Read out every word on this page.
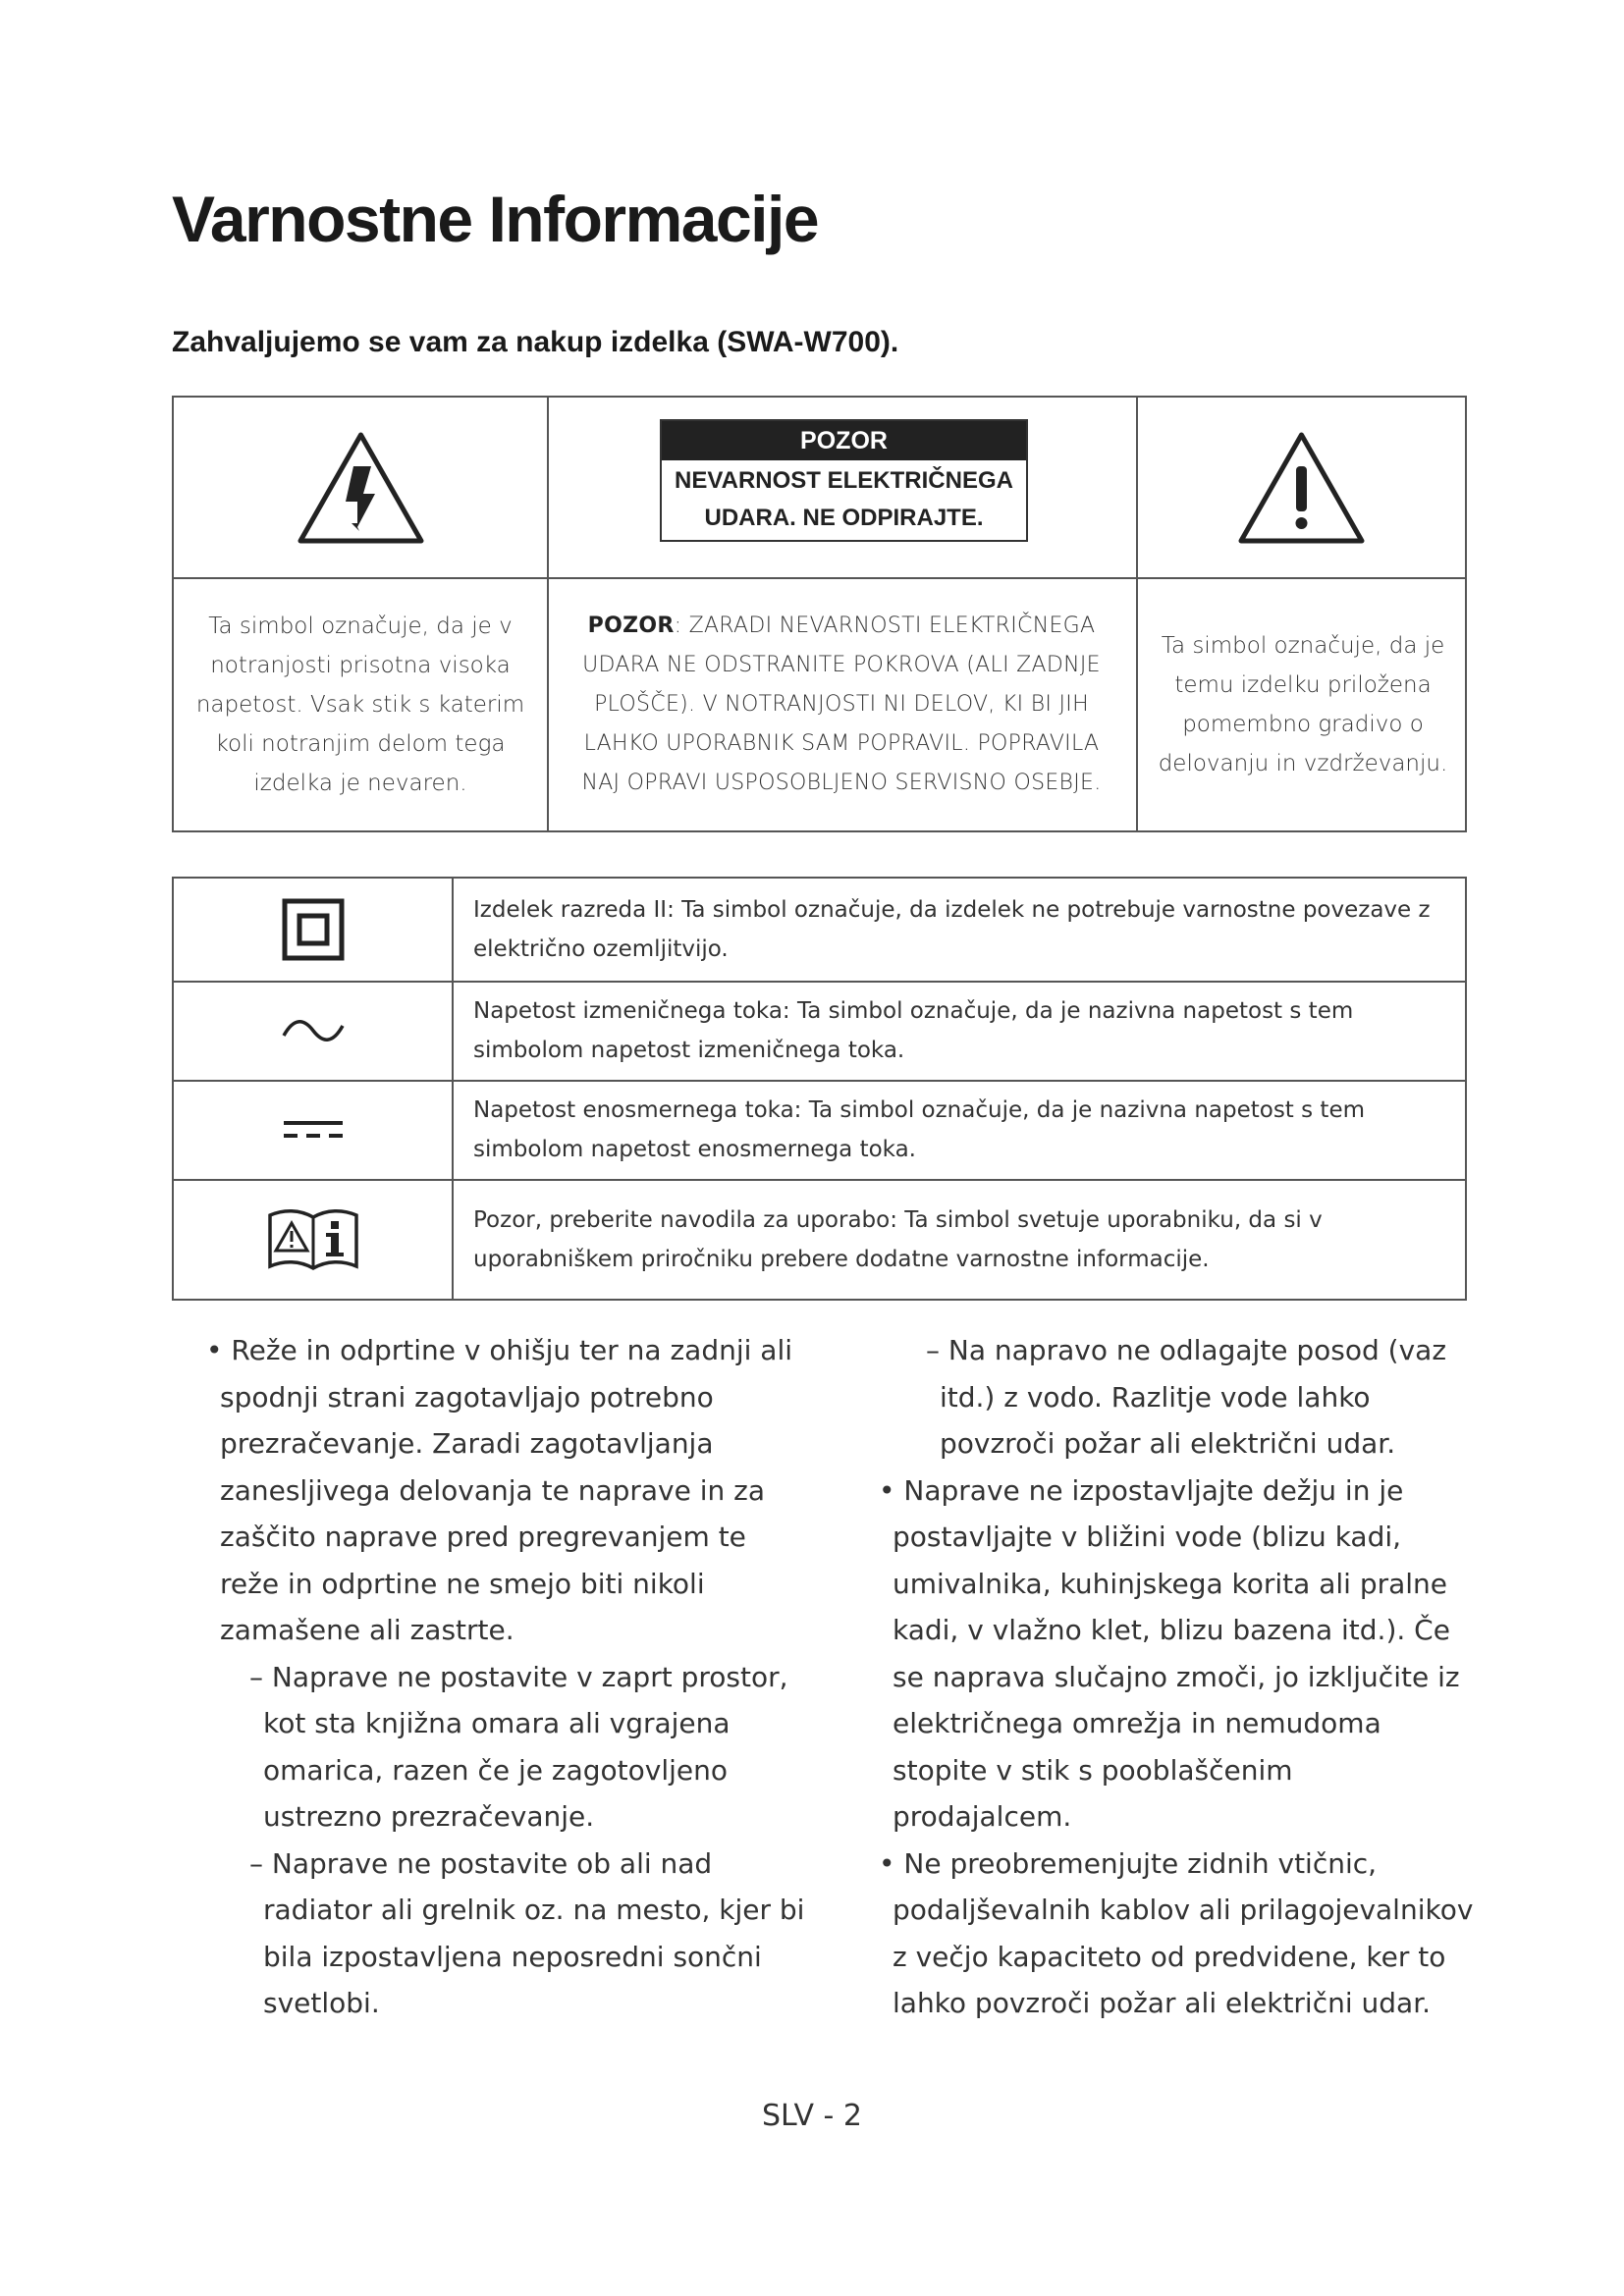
Varnostne Informacije
Zahvaljujemo se vam za nakup izdelka (SWA-W700).
POZOR
NEVARNOST ELEKTRIČNEGA
UDARA. NE ODPIRAJTE.
Ta simbol označuje, da je v notranjosti prisotna visoka napetost. Vsak stik s katerim koli notranjim delom tega izdelka je nevaren.
POZOR: ZARADI NEVARNOSTI ELEKTRIČNEGA UDARA NE ODSTRANITE POKROVA (ALI ZADNJE PLOŠČE). V NOTRANJOSTI NI DELOV, KI BI JIH LAHKO UPORABNIK SAM POPRAVIL. POPRAVILA NAJ OPRAVI USPOSOBLJENO SERVISNO OSEBJE.
Ta simbol označuje, da je temu izdelku priložena pomembno gradivo o delovanju in vzdrževanju.
Izdelek razreda II: Ta simbol označuje, da izdelek ne potrebuje varnostne povezave z električno ozemljitvijo.
Napetost izmeničnega toka: Ta simbol označuje, da je nazivna napetost s tem simbolom napetost izmeničnega toka.
Napetost enosmernega toka: Ta simbol označuje, da je nazivna napetost s tem simbolom napetost enosmernega toka.
Pozor, preberite navodila za uporabo: Ta simbol svetuje uporabniku, da si v uporabniškem priročniku prebere dodatne varnostne informacije.

• Reže in odprtine v ohišju ter na zadnji ali spodnji strani zagotavljajo potrebno prezračevanje. Zaradi zagotavljanja zanesljivega delovanja te naprave in za zaščito naprave pred pregrevanjem te reže in odprtine ne smejo biti nikoli zamašene ali zastrte.

– Naprave ne postavite v zaprt prostor, kot sta knjižna omara ali vgrajena omarica, razen če je zagotovljeno ustrezno prezračevanje.

– Naprave ne postavite ob ali nad radiator ali grelnik oz. na mesto, kjer bi bila izpostavljena neposredni sončni svetlobi.

– Na napravo ne odlagajte posod (vaz itd.) z vodo. Razlitje vode lahko povzroči požar ali električni udar.

• Naprave ne izpostavljajte dežju in je postavljajte v bližini vode (blizu kadi, umivalnika, kuhinjskega korita ali pralne kadi, v vlažno klet, blizu bazena itd.). Če se naprava slučajno zmoči, jo izključite iz električnega omrežja in nemudoma stopite v stik s pooblaščenim prodajalcem.

• Ne preobremenjujte zidnih vtičnic, podaljševalnih kablov ali prilagojevalnikov z večjo kapaciteto od predvidene, ker to lahko povzroči požar ali električni udar.

SLV - 2
